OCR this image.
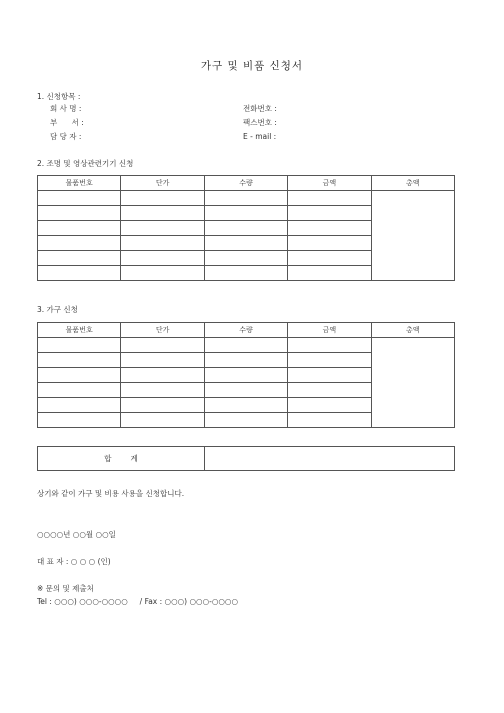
가구 및 비품 신청서
1. 신청항목 :
회 사 명 :
부      서 :
담 당 자 :
전화번호 :
팩스번호 :
E - mail :
2. 조명 및 영상관련기기 신청
물품번호	단가	수량	금액	총액

3. 가구 신청
물품번호	단가	수량	금액	총액

합        계	
상기와 같이 가구 및 비용 사용을 신청합니다.
○○○○년 ○○월 ○○일
대 표 자 : ○ ○ ○ (인)
※ 문의 및 제출처
Tel : ○○○) ○○○-○○○○     / Fax : ○○○) ○○○-○○○○
